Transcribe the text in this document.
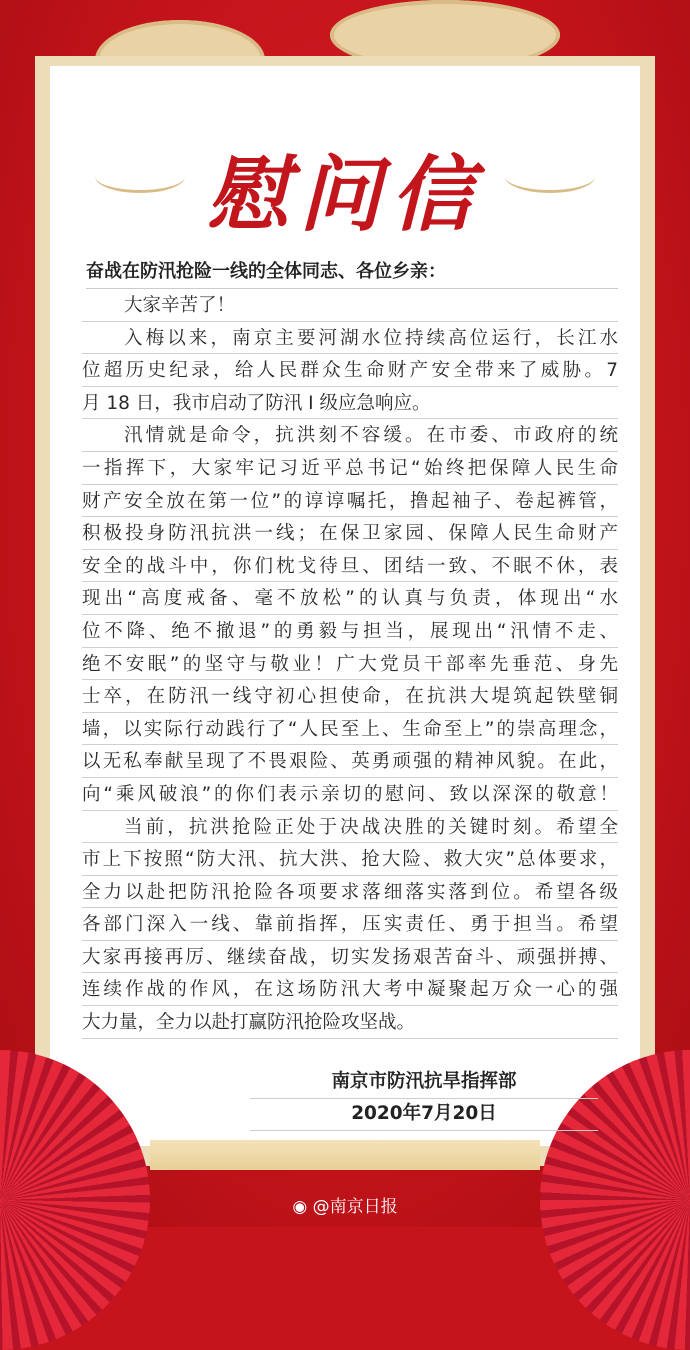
慰问信
奋战在防汛抢险一线的全体同志、各位乡亲：
大家辛苦了！
入梅以来，南京主要河湖水位持续高位运行，长江水
位超历史纪录，给人民群众生命财产安全带来了威胁。7
月 18 日，我市启动了防汛 I 级应急响应。
汛情就是命令，抗洪刻不容缓。在市委、市政府的统
一指挥下，大家牢记习近平总书记“始终把保障人民生命
财产安全放在第一位”的谆谆嘱托，撸起袖子、卷起裤管，
积极投身防汛抗洪一线；在保卫家园、保障人民生命财产
安全的战斗中，你们枕戈待旦、团结一致、不眠不休，表
现出“高度戒备、毫不放松”的认真与负责，体现出“水
位不降、绝不撤退”的勇毅与担当，展现出“汛情不走、
绝不安眠”的坚守与敬业！广大党员干部率先垂范、身先
士卒，在防汛一线守初心担使命，在抗洪大堤筑起铁壁铜
墙，以实际行动践行了“人民至上、生命至上”的崇高理念，
以无私奉献呈现了不畏艰险、英勇顽强的精神风貌。在此，
向“乘风破浪”的你们表示亲切的慰问、致以深深的敬意！
当前，抗洪抢险正处于决战决胜的关键时刻。希望全
市上下按照“防大汛、抗大洪、抢大险、救大灾”总体要求，
全力以赴把防汛抢险各项要求落细落实落到位。希望各级
各部门深入一线、靠前指挥，压实责任、勇于担当。希望
大家再接再厉、继续奋战，切实发扬艰苦奋斗、顽强拼搏、
连续作战的作风，在这场防汛大考中凝聚起万众一心的强
大力量，全力以赴打赢防汛抢险攻坚战。
南京市防汛抗旱指挥部
2020年7月20日
◉ @南京日报
